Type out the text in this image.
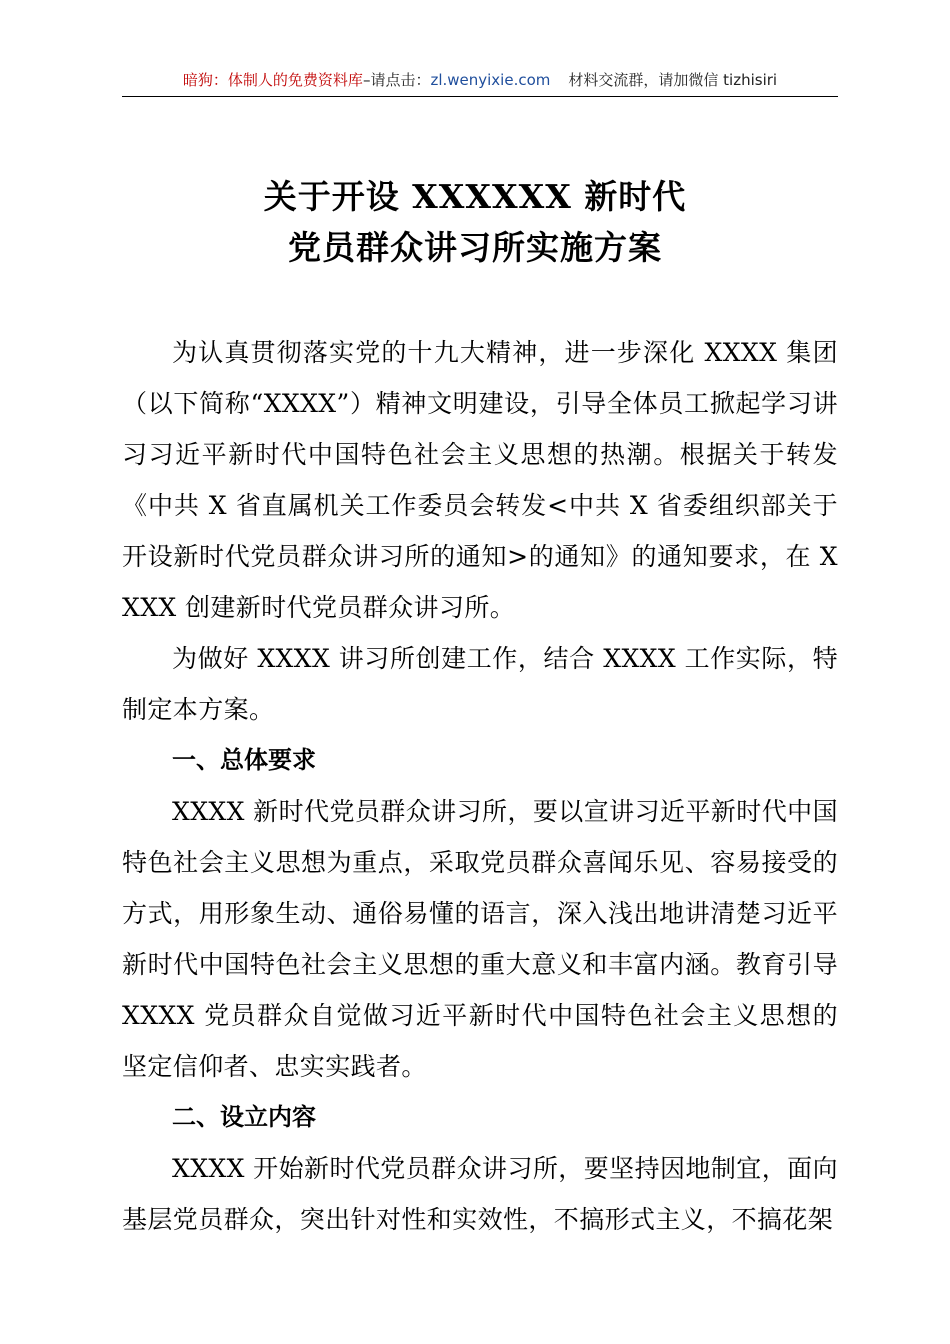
暗狗：体制人的免费资料库–请点击：zl.wenyixie.com 材料交流群，请加微信 tizhisiri
关于开设 XXXXXX 新时代
党员群众讲习所实施方案

为认真贯彻落实党的十九大精神，进一步深化 XXXX 集团（以下简称“XXXX”）精神文明建设，引导全体员工掀起学习讲习习近平新时代中国特色社会主义思想的热潮。根据关于转发《中共 X 省直属机关工作委员会转发<中共 X 省委组织部关于开设新时代党员群众讲习所的通知>的通知》的通知要求，在 XXXX 创建新时代党员群众讲习所。

为做好 XXXX 讲习所创建工作，结合 XXXX 工作实际，特制定本方案。

一、总体要求

XXXX 新时代党员群众讲习所，要以宣讲习近平新时代中国特色社会主义思想为重点，采取党员群众喜闻乐见、容易接受的方式，用形象生动、通俗易懂的语言，深入浅出地讲清楚习近平新时代中国特色社会主义思想的重大意义和丰富内涵。教育引导 XXXX 党员群众自觉做习近平新时代中国特色社会主义思想的坚定信仰者、忠实实践者。

二、设立内容

XXXX 开始新时代党员群众讲习所，要坚持因地制宜，面向基层党员群众，突出针对性和实效性，不搞形式主义，不搞花架
